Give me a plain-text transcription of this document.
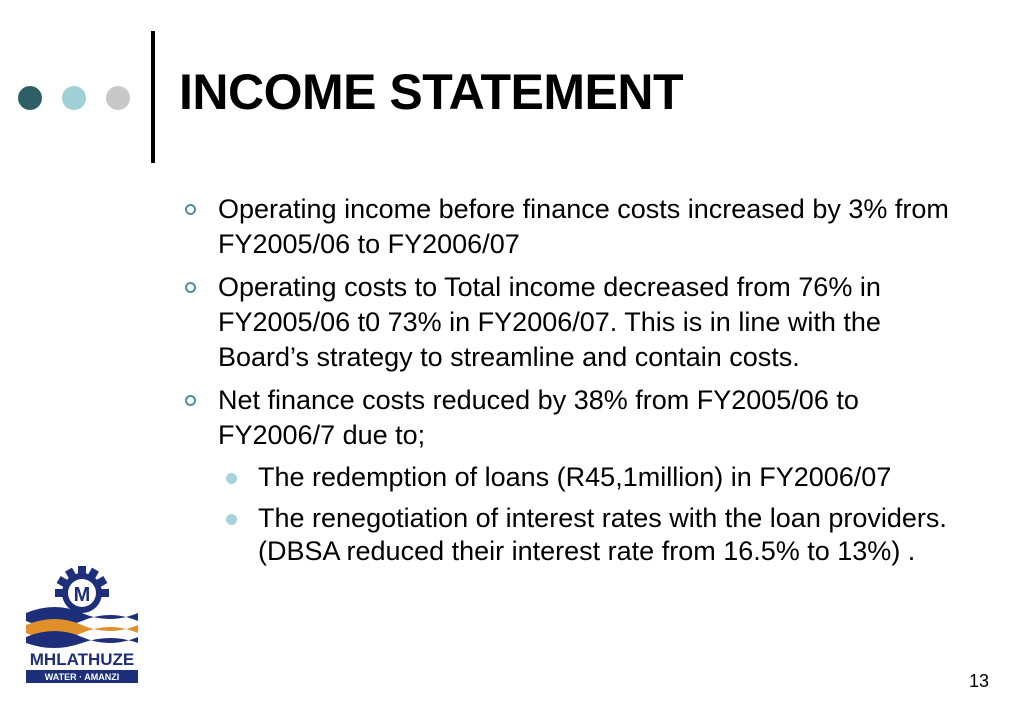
INCOME STATEMENT
Operating income before finance costs increased by 3% from FY2005/06 to FY2006/07
Operating costs to Total income decreased from 76% in FY2005/06 t0 73% in FY2006/07. This is in line with the Board’s strategy to streamline and contain costs.
Net finance costs reduced by 38% from FY2005/06 to FY2006/7 due to;
The redemption of loans (R45,1million) in FY2006/07
The renegotiation of interest rates with the loan providers. (DBSA reduced their interest rate from 16.5% to 13%) .
M
MHLATHUZE
WATER · AMANZI	13
